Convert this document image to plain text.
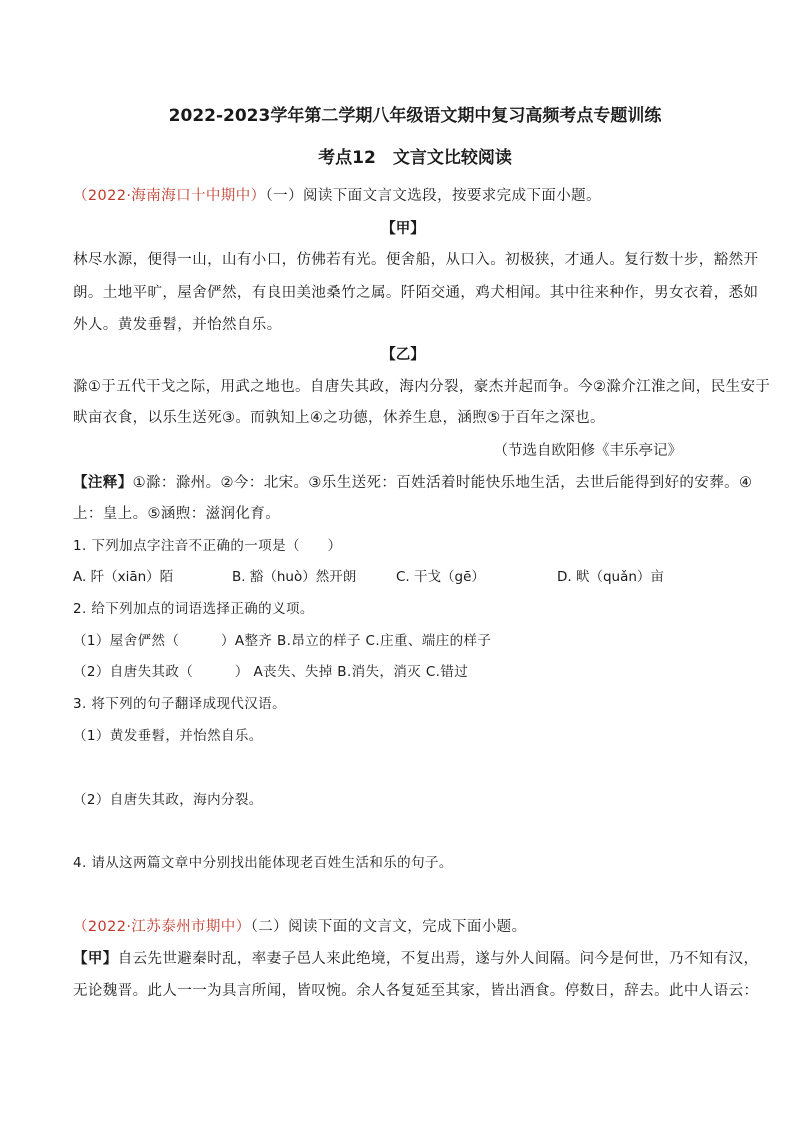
2022-2023学年第二学期八年级语文期中复习高频考点专题训练
考点12　文言文比较阅读
（2022·海南海口十中期中）（一）阅读下面文言文选段，按要求完成下面小题。
【甲】
林尽水源，便得一山，山有小口，仿佛若有光。便舍船，从口入。初极狭，才通人。复行数十步，豁然开
朗。土地平旷，屋舍俨然，有良田美池桑竹之属。阡陌交通，鸡犬相闻。其中往来种作，男女衣着，悉如
外人。黄发垂髫，并怡然自乐。
【乙】
滁①于五代干戈之际，用武之地也。自唐失其政，海内分裂，豪杰并起而争。今②滁介江淮之间，民生安于
畎亩衣食，以乐生送死③。而孰知上④之功德，休养生息，涵煦⑤于百年之深也。
（节选自欧阳修《丰乐亭记》
【注释】①滁：滁州。②今：北宋。③乐生送死：百姓活着时能快乐地生活，去世后能得到好的安葬。④
上：皇上。⑤涵煦：滋润化育。
1. 下列加点字注音不正确的一项是（　　）
A. 阡（xiān）陌	B. 豁（huò）然开朗	C. 干戈（gē）	D. 畎（quǎn）亩
2. 给下列加点的词语选择正确的义项。
（1）屋舍俨然（　　　）A整齐 B.昂立的样子 C.庄重、端庄的样子
（2）自唐失其政（　　　） A丧失、失掉 B.消失，消灭 C.错过
3. 将下列的句子翻译成现代汉语。
（1）黄发垂髫，并怡然自乐。
（2）自唐失其政，海内分裂。
4. 请从这两篇文章中分别找出能体现老百姓生活和乐的句子。
（2022·江苏泰州市期中）（二）阅读下面的文言文，完成下面小题。
【甲】自云先世避秦时乱，率妻子邑人来此绝境，不复出焉，遂与外人间隔。问今是何世，乃不知有汉，
无论魏晋。此人一一为具言所闻，皆叹惋。余人各复延至其家，皆出酒食。停数日，辞去。此中人语云：
